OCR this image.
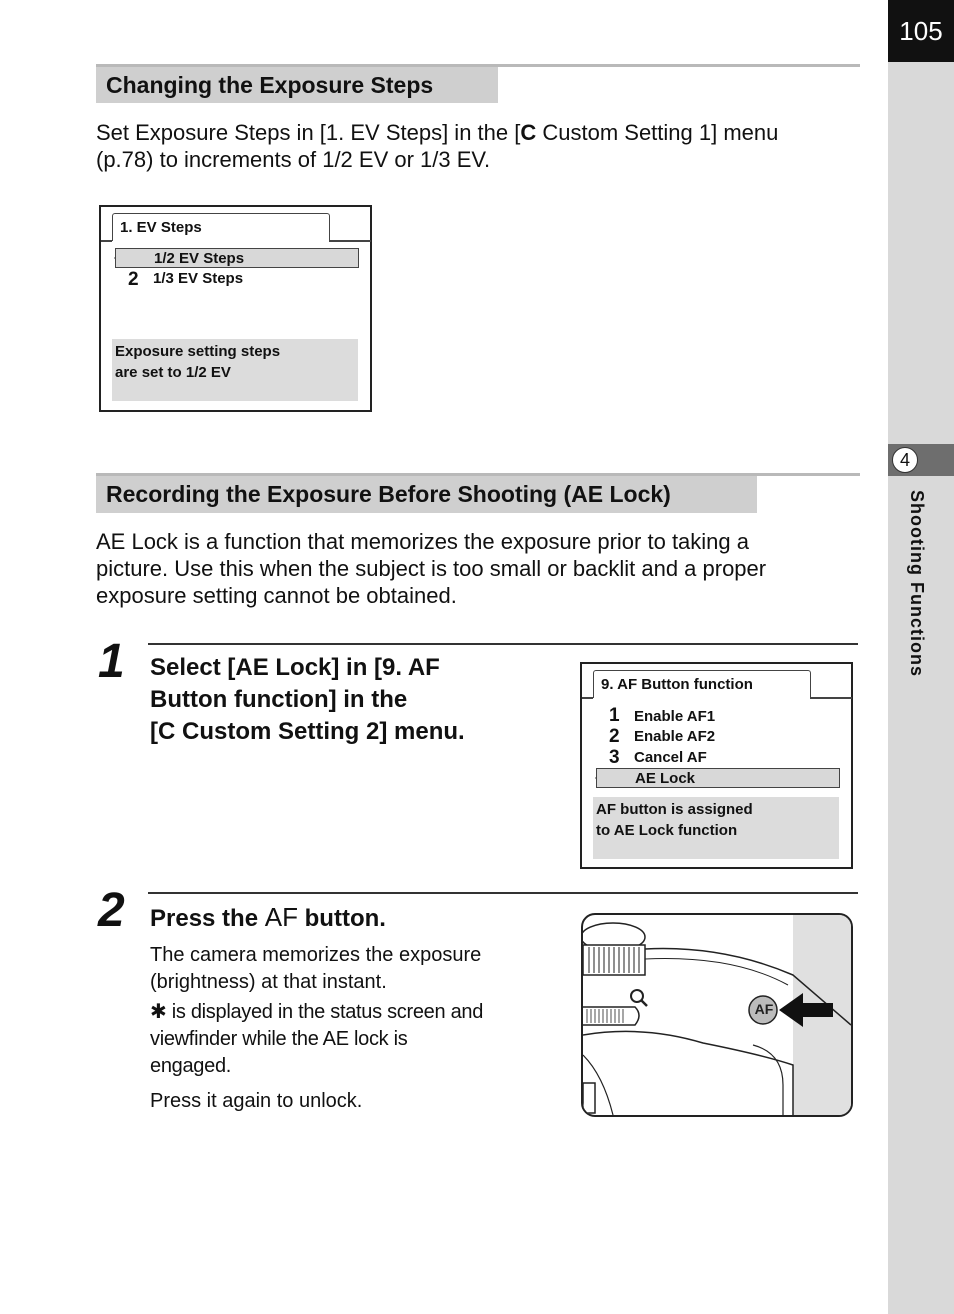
105
4
Shooting Functions
Changing the Exposure Steps

Set Exposure Steps in [1. EV Steps] in the [C Custom Setting 1] menu
(p.78) to increments of 1/2 EV or 1/3 EV.

1. EV Steps
1/2 EV Steps
2 1/3 EV Steps
Exposure setting steps
are set to 1/2 EV
Recording the Exposure Before Shooting (AE Lock)

AE Lock is a function that memorizes the exposure prior to taking a
picture. Use this when the subject is too small or backlit and a proper
exposure setting cannot be obtained.

1 Select [AE Lock] in [9. AF
Button function] in the
[C Custom Setting 2] menu.

9. AF Button function
1 Enable AF1
2 Enable AF2
3 Cancel AF
AE Lock
AF button is assigned
to AE Lock function
2 Press the AF button.

The camera memorizes the exposure
(brightness) at that instant.

✱ is displayed in the status screen and
viewfinder while the AE lock is
engaged.

Press it again to unlock.

AF
